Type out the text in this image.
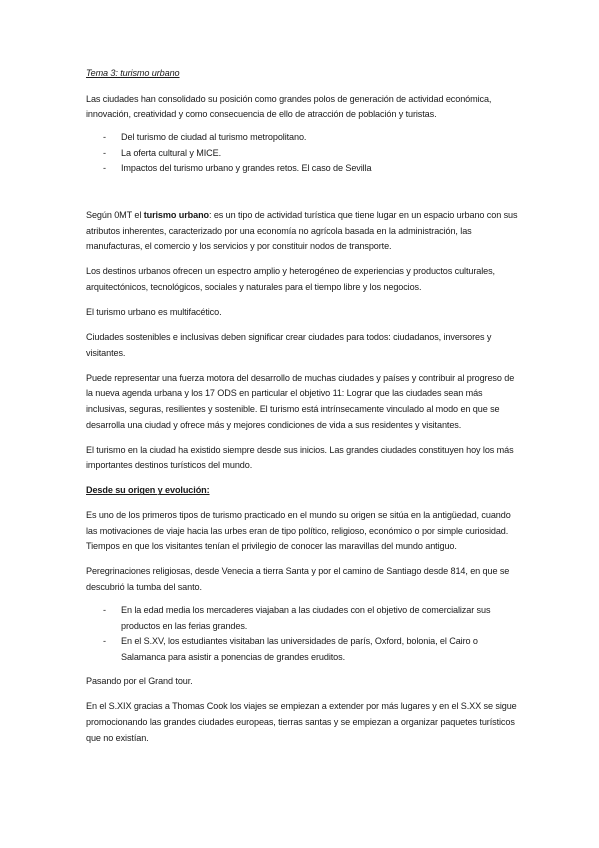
Tema 3: turismo urbano

Las ciudades han consolidado su posición como grandes polos de generación de actividad económica, innovación, creatividad y como consecuencia de ello de atracción de población y turistas.

- Del turismo de ciudad al turismo metropolitano.
- La oferta cultural y MICE.
- Impactos del turismo urbano y grandes retos. El caso de Sevilla

Según 0MT el turismo urbano: es un tipo de actividad turística que tiene lugar en un espacio urbano con sus atributos inherentes, caracterizado por una economía no agrícola basada en la administración, las manufacturas, el comercio y los servicios y por constituir nodos de transporte.

Los destinos urbanos ofrecen un espectro amplio y heterogéneo de experiencias y productos culturales, arquitectónicos, tecnológicos, sociales y naturales para el tiempo libre y los negocios.

El turismo urbano es multifacético.

Ciudades sostenibles e inclusivas deben significar crear ciudades para todos: ciudadanos, inversores y visitantes.

Puede representar una fuerza motora del desarrollo de muchas ciudades y países y contribuir al progreso de la nueva agenda urbana y los 17 ODS en particular el objetivo 11: Lograr que las ciudades sean más inclusivas, seguras, resilientes y sostenible. El turismo está intrínsecamente vinculado al modo en que se desarrolla una ciudad y ofrece más y mejores condiciones de vida a sus residentes y visitantes.

El turismo en la ciudad ha existido siempre desde sus inicios. Las grandes ciudades constituyen hoy los más importantes destinos turísticos del mundo.

Desde su origen y evolución:

Es uno de los primeros tipos de turismo practicado en el mundo su origen se sitúa en la antigüedad, cuando las motivaciones de viaje hacia las urbes eran de tipo político, religioso, económico o por simple curiosidad. Tiempos en que los visitantes tenían el privilegio de conocer las maravillas del mundo antiguo.

Peregrinaciones religiosas, desde Venecia a tierra Santa y por el camino de Santiago desde 814, en que se descubrió la tumba del santo.

- En la edad media los mercaderes viajaban a las ciudades con el objetivo de comercializar sus productos en las ferias grandes.
- En el S.XV, los estudiantes visitaban las universidades de parís, Oxford, bolonia, el Cairo o Salamanca para asistir a ponencias de grandes eruditos.

Pasando por el Grand tour.

En el S.XIX gracias a Thomas Cook los viajes se empiezan a extender por más lugares y en el S.XX se sigue promocionando las grandes ciudades europeas, tierras santas y se empiezan a organizar paquetes turísticos que no existían.
